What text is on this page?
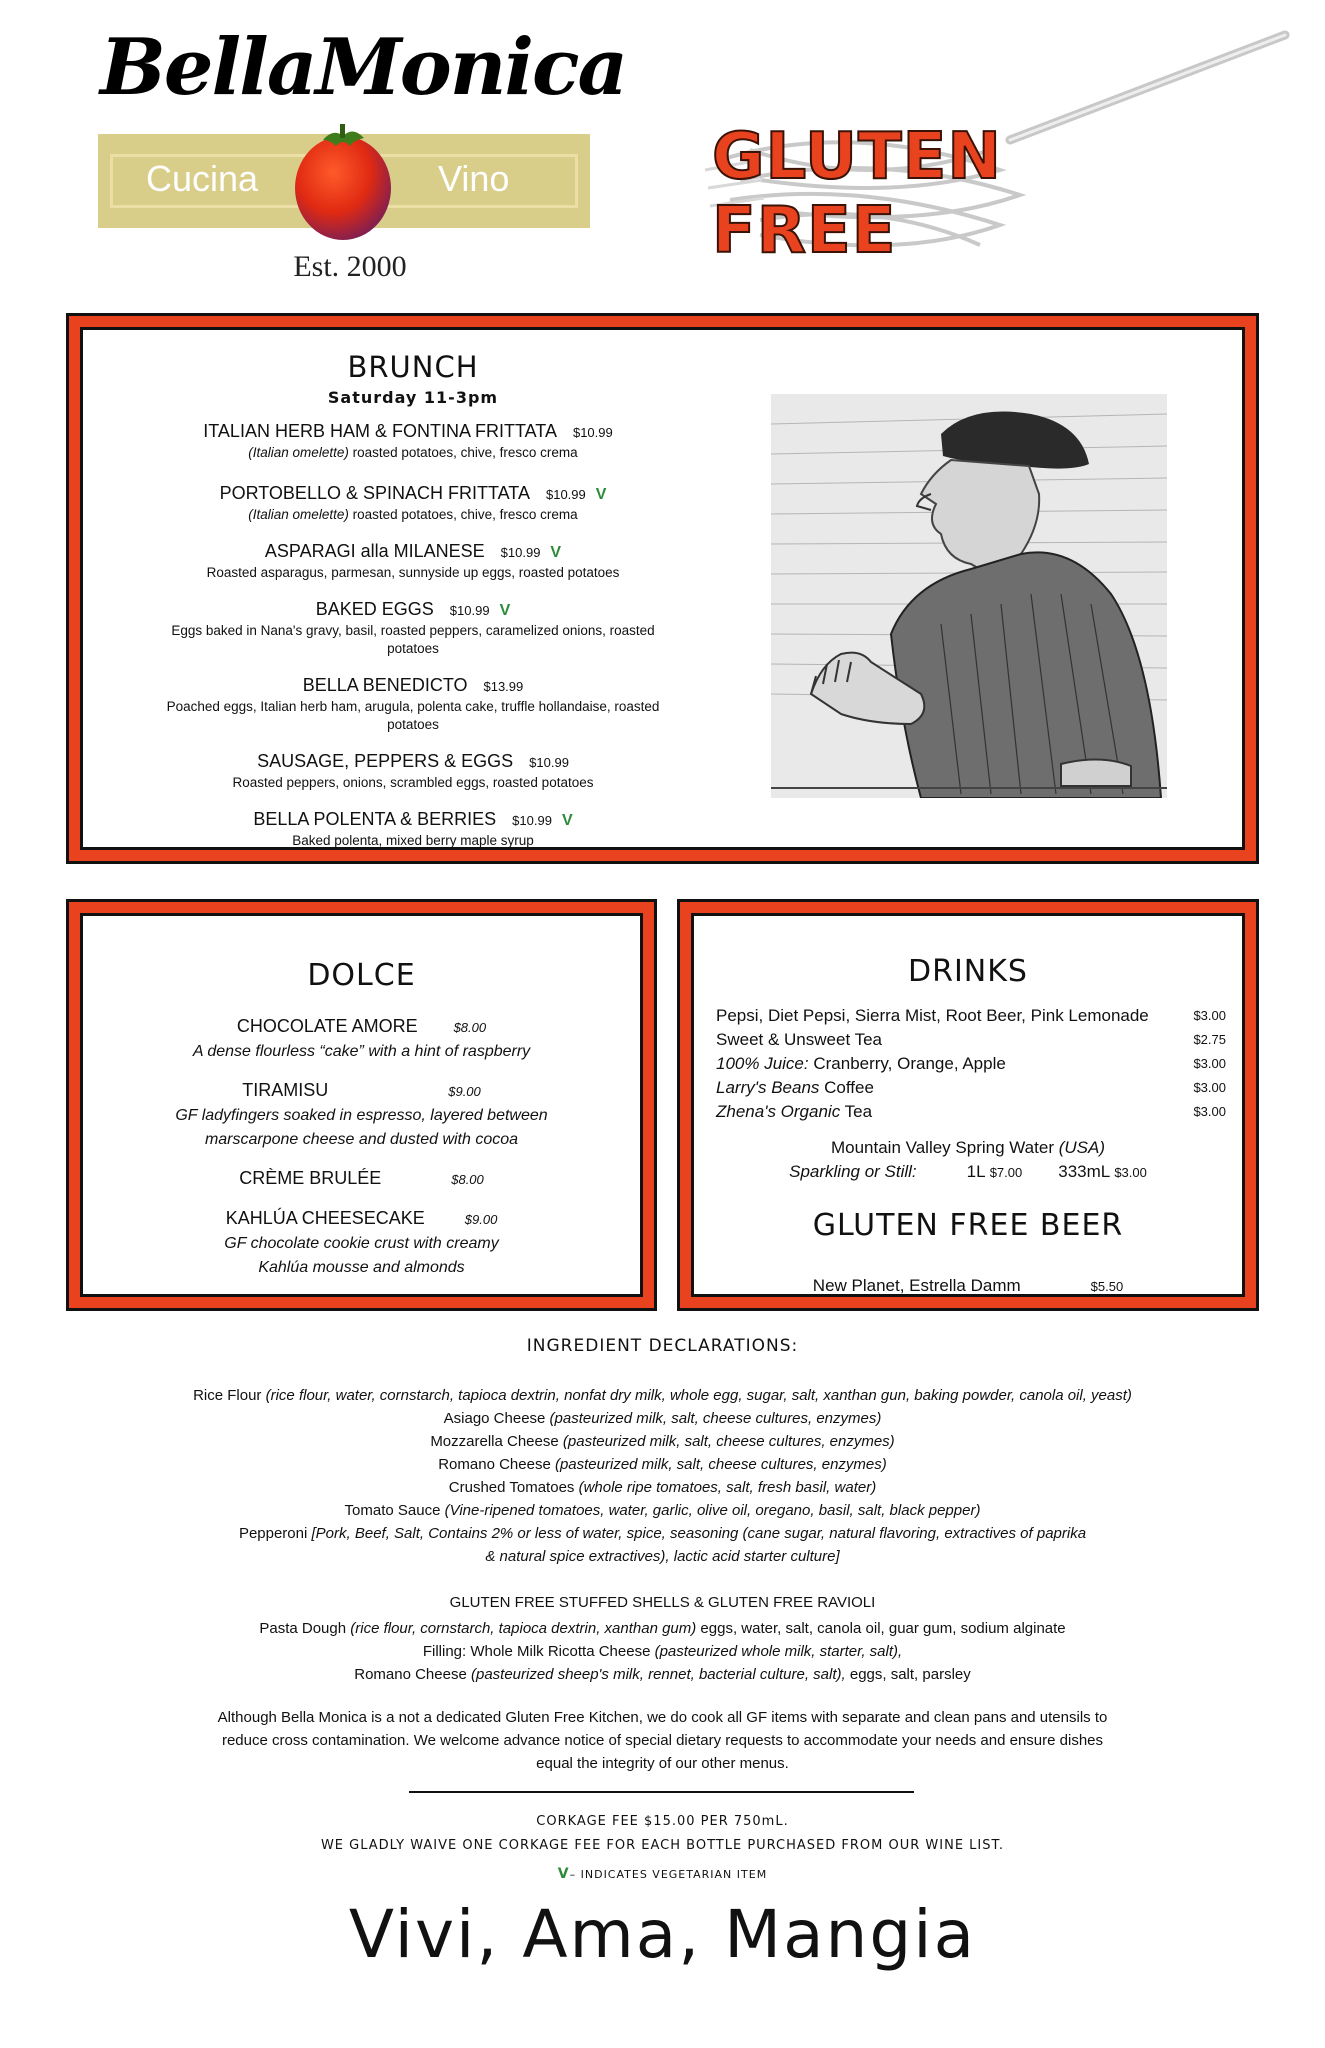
BellaMonica
Cucina	Vino
Est. 2000
GLUTEN FREE
BRUNCH
Saturday 11-3pm
ITALIAN HERB HAM & FONTINA FRITTATA $10.99
(Italian omelette) roasted potatoes, chive, fresco crema
PORTOBELLO & SPINACH FRITTATA $10.99 V
(Italian omelette) roasted potatoes, chive, fresco crema
ASPARAGI alla MILANESE $10.99 V
Roasted asparagus, parmesan, sunnyside up eggs, roasted potatoes
BAKED EGGS $10.99 V
Eggs baked in Nana's gravy, basil, roasted peppers, caramelized onions, roasted potatoes
BELLA BENEDICTO $13.99
Poached eggs, Italian herb ham, arugula, polenta cake, truffle hollandaise, roasted potatoes
SAUSAGE, PEPPERS & EGGS $10.99
Roasted peppers, onions, scrambled eggs, roasted potatoes
BELLA POLENTA & BERRIES $10.99 V
Baked polenta, mixed berry maple syrup
DOLCE
CHOCOLATE AMORE	$8.00
A dense flourless “cake” with a hint of raspberry
TIRAMISU	$9.00
GF ladyfingers soaked in espresso, layered between
marscarpone cheese and dusted with cocoa
CRÈME BRULÉE	$8.00
KAHLÚA CHEESECAKE	$9.00
GF chocolate cookie crust with creamy
Kahlúa mousse and almonds
DRINKS
Pepsi, Diet Pepsi, Sierra Mist, Root Beer, Pink Lemonade	$3.00
Sweet & Unsweet Tea	$2.75
100% Juice: Cranberry, Orange, Apple	$3.00
Larry's Beans Coffee	$3.00
Zhena's Organic Tea	$3.00
Mountain Valley Spring Water (USA)
Sparkling or Still:	1L $7.00 333mL $3.00
GLUTEN FREE BEER
New Planet, Estrella Damm	$5.50
INGREDIENT DECLARATIONS:
Rice Flour (rice flour, water, cornstarch, tapioca dextrin, nonfat dry milk, whole egg, sugar, salt, xanthan gun, baking powder, canola oil, yeast)
Asiago Cheese (pasteurized milk, salt, cheese cultures, enzymes)
Mozzarella Cheese (pasteurized milk, salt, cheese cultures, enzymes)
Romano Cheese (pasteurized milk, salt, cheese cultures, enzymes)
Crushed Tomatoes (whole ripe tomatoes, salt, fresh basil, water)
Tomato Sauce (Vine-ripened tomatoes, water, garlic, olive oil, oregano, basil, salt, black pepper)
Pepperoni [Pork, Beef, Salt, Contains 2% or less of water, spice, seasoning (cane sugar, natural flavoring, extractives of paprika
& natural spice extractives), lactic acid starter culture]
GLUTEN FREE STUFFED SHELLS & GLUTEN FREE RAVIOLI
Pasta Dough (rice flour, cornstarch, tapioca dextrin, xanthan gum) eggs, water, salt, canola oil, guar gum, sodium alginate
Filling: Whole Milk Ricotta Cheese (pasteurized whole milk, starter, salt),
Romano Cheese (pasteurized sheep's milk, rennet, bacterial culture, salt), eggs, salt, parsley
Although Bella Monica is a not a dedicated Gluten Free Kitchen, we do cook all GF items with separate and clean pans and utensils to reduce cross contamination. We welcome advance notice of special dietary requests to accommodate your needs and ensure dishes equal the integrity of our other menus.
CORKAGE FEE $15.00 PER 750mL.
WE GLADLY WAIVE ONE CORKAGE FEE FOR EACH BOTTLE PURCHASED FROM OUR WINE LIST.
V– INDICATES VEGETARIAN ITEM
Vivi, Ama, Mangia
